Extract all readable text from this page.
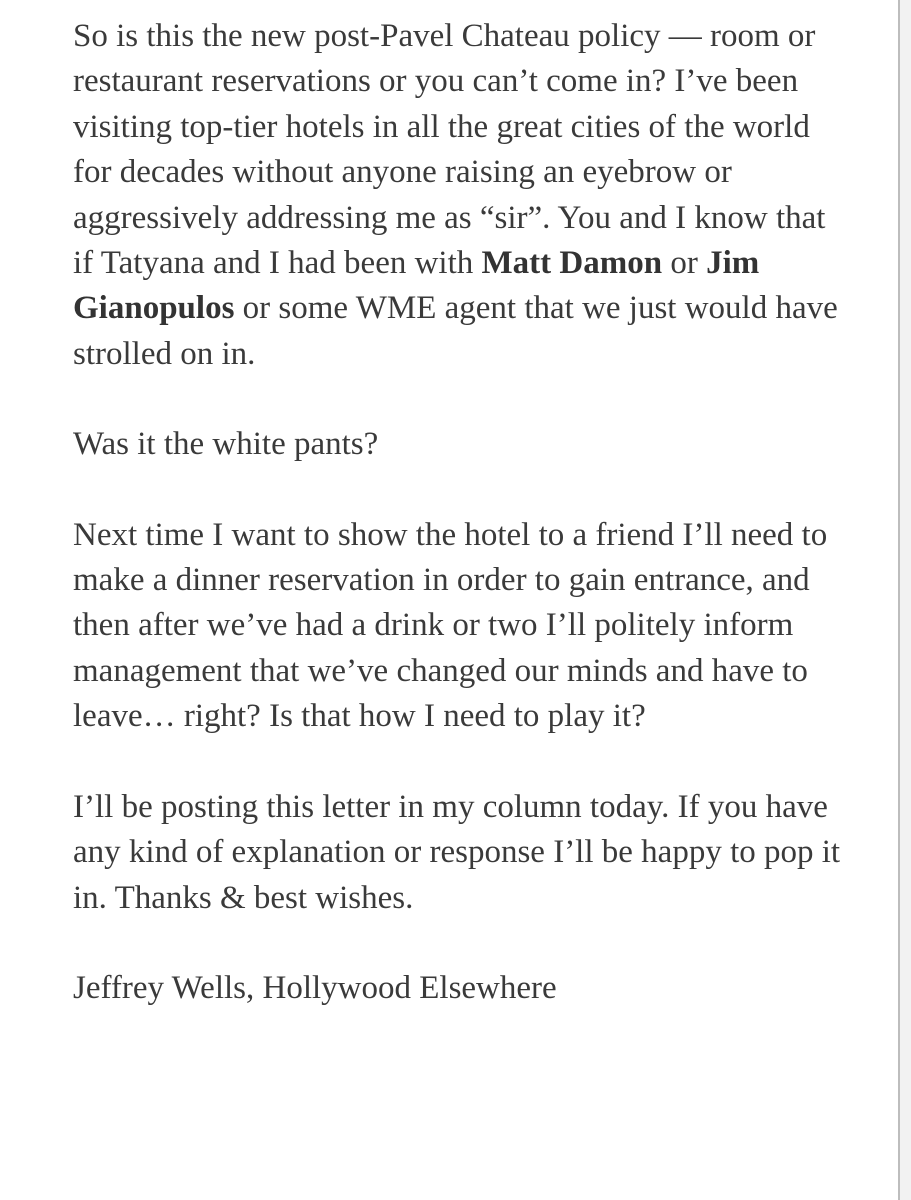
So is this the new post-Pavel Chateau policy — room or restaurant reservations or you can’t come in? I’ve been visiting top-tier hotels in all the great cities of the world for decades without anyone raising an eyebrow or aggressively addressing me as “sir”. You and I know that if Tatyana and I had been with Matt Damon or Jim Gianopulos or some WME agent that we just would have strolled on in.

Was it the white pants?

Next time I want to show the hotel to a friend I’ll need to make a dinner reservation in order to gain entrance, and then after we’ve had a drink or two I’ll politely inform management that we’ve changed our minds and have to leave… right? Is that how I need to play it?

I’ll be posting this letter in my column today. If you have any kind of explanation or response I’ll be happy to pop it in. Thanks & best wishes.

Jeffrey Wells, Hollywood Elsewhere
